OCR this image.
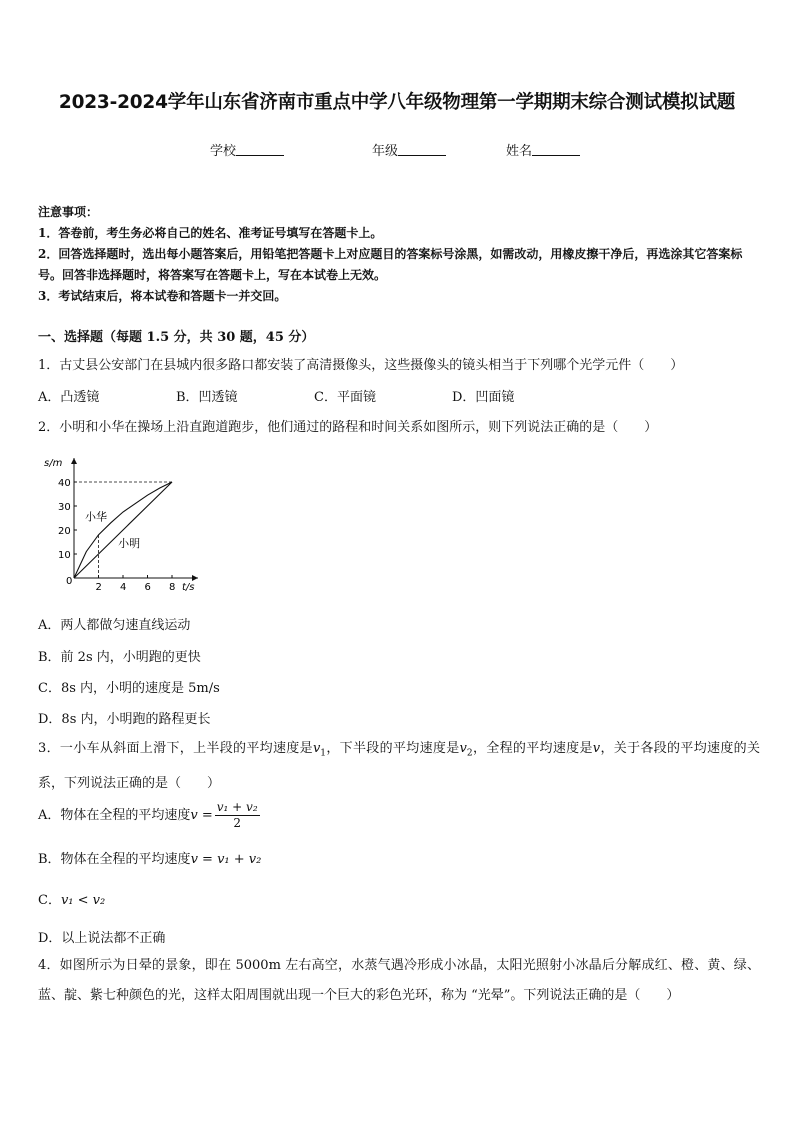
2023-2024学年山东省济南市重点中学八年级物理第一学期期末综合测试模拟试题
学校	年级	姓名

注意事项：

1．答卷前，考生务必将自己的姓名、准考证号填写在答题卡上。

2．回答选择题时，选出每小题答案后，用铅笔把答题卡上对应题目的答案标号涂黑，如需改动，用橡皮擦干净后，再选涂其它答案标号。回答非选择题时，将答案写在答题卡上，写在本试卷上无效。

3．考试结束后，将本试卷和答题卡一并交回。

一、选择题（每题 1.5 分，共 30 题，45 分）
1．古丈县公安部门在县城内很多路口都安装了高清摄像头，这些摄像头的镜头相当于下列哪个光学元件（　　）
A．凸透镜	B．凹透镜	C．平面镜	D．凹面镜
2．小明和小华在操场上沿直跑道跑步，他们通过的路程和时间关系如图所示，则下列说法正确的是（　　）
s/m
t/s
0
2 4 6 8
10
20
30
40
小华
小明
A．两人都做匀速直线运动
B．前 2s 内，小明跑的更快
C．8s 内，小明的速度是 5m/s
D．8s 内，小明跑的路程更长
3．一小车从斜面上滑下，上半段的平均速度是$v_1$，下半段的平均速度是$v_2$，全程的平均速度是v，关于各段的平均速度的关系，下列说法正确的是（　　）
A．物体在全程的平均速度$v = \frac{\text{v₁ + v₂}}{2}$
B．物体在全程的平均速度v = v₁ + v₂
C．v₁ < v₂
D．以上说法都不正确
4．如图所示为日晕的景象，即在 5000m 左右高空，水蒸气遇冷形成小冰晶，太阳光照射小冰晶后分解成红、橙、黄、绿、蓝、靛、紫七种颜色的光，这样太阳周围就出现一个巨大的彩色光环，称为 “光晕”。下列说法正确的是（　　）
